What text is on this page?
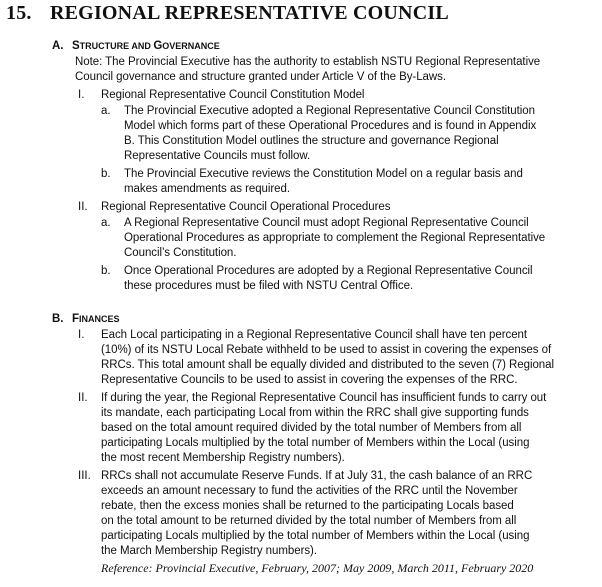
15. REGIONAL REPRESENTATIVE COUNCIL
A. STRUCTURE AND GOVERNANCE
Note: The Provincial Executive has the authority to establish NSTU Regional Representative
Council governance and structure granted under Article V of the By-Laws.
I. Regional Representative Council Constitution Model
a. The Provincial Executive adopted a Regional Representative Council Constitution
Model which forms part of these Operational Procedures and is found in Appendix
B. This Constitution Model outlines the structure and governance Regional
Representative Councils must follow.
b. The Provincial Executive reviews the Constitution Model on a regular basis and
makes amendments as required.
II. Regional Representative Council Operational Procedures
a. A Regional Representative Council must adopt Regional Representative Council
Operational Procedures as appropriate to complement the Regional Representative
Council’s Constitution.
b. Once Operational Procedures are adopted by a Regional Representative Council
these procedures must be filed with NSTU Central Office.
B. FINANCES
I. Each Local participating in a Regional Representative Council shall have ten percent
(10%) of its NSTU Local Rebate withheld to be used to assist in covering the expenses of
RRCs. This total amount shall be equally divided and distributed to the seven (7) Regional
Representative Councils to be used to assist in covering the expenses of the RRC.
II. If during the year, the Regional Representative Council has insufficient funds to carry out
its mandate, each participating Local from within the RRC shall give supporting funds
based on the total amount required divided by the total number of Members from all
participating Locals multiplied by the total number of Members within the Local (using
the most recent Membership Registry numbers).
III. RRCs shall not accumulate Reserve Funds. If at July 31, the cash balance of an RRC
exceeds an amount necessary to fund the activities of the RRC until the November
rebate, then the excess monies shall be returned to the participating Locals based
on the total amount to be returned divided by the total number of Members from all
participating Locals multiplied by the total number of Members within the Local (using
the March Membership Registry numbers).
Reference: Provincial Executive, February, 2007; May 2009, March 2011, February 2020
